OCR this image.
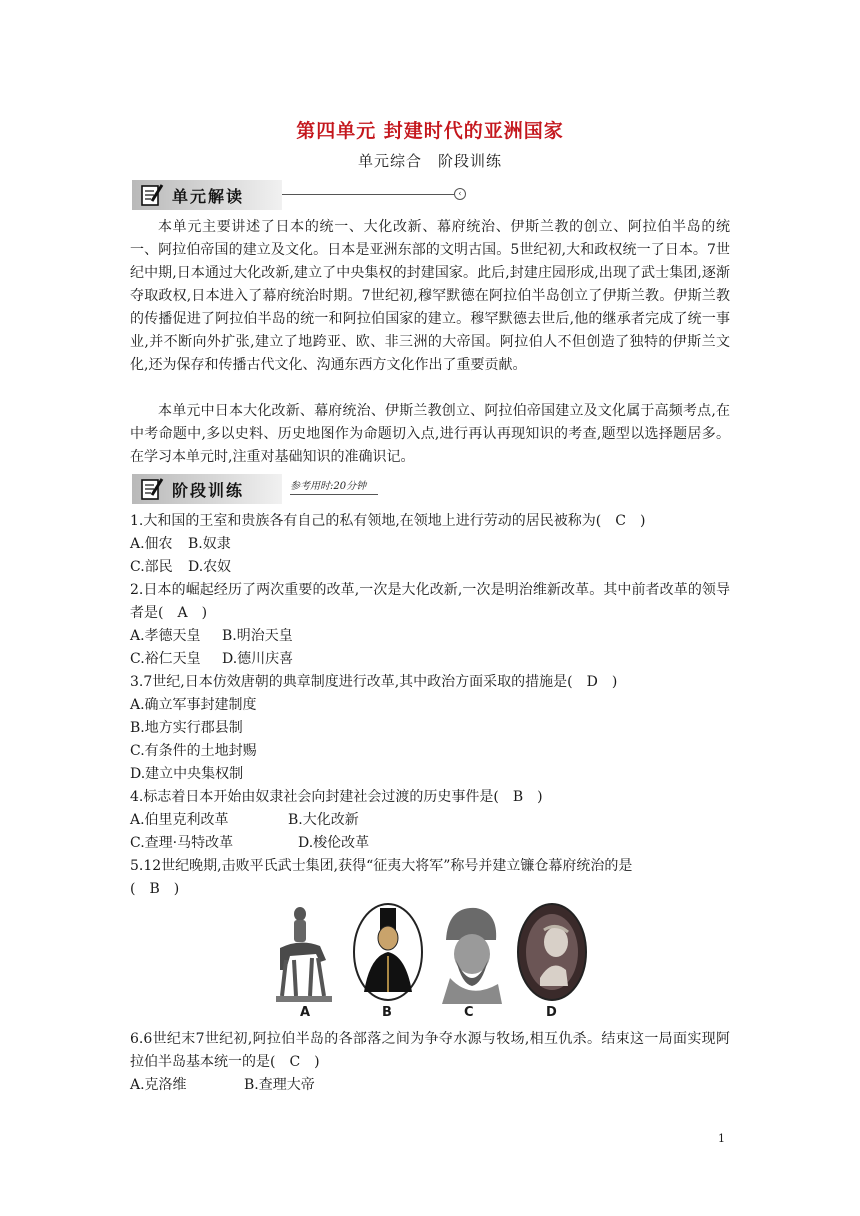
第四单元 封建时代的亚洲国家
单元综合　阶段训练
单元解读	‹

本单元主要讲述了日本的统一、大化改新、幕府统治、伊斯兰教的创立、阿拉伯半岛的统一、阿拉伯帝国的建立及文化。日本是亚洲东部的文明古国。5世纪初,大和政权统一了日本。7世纪中期,日本通过大化改新,建立了中央集权的封建国家。此后,封建庄园形成,出现了武士集团,逐渐夺取政权,日本进入了幕府统治时期。7世纪初,穆罕默德在阿拉伯半岛创立了伊斯兰教。伊斯兰教的传播促进了阿拉伯半岛的统一和阿拉伯国家的建立。穆罕默德去世后,他的继承者完成了统一事业,并不断向外扩张,建立了地跨亚、欧、非三洲的大帝国。阿拉伯人不但创造了独特的伊斯兰文化,还为保存和传播古代文化、沟通东西方文化作出了重要贡献。

本单元中日本大化改新、幕府统治、伊斯兰教创立、阿拉伯帝国建立及文化属于高频考点,在中考命题中,多以史料、历史地图作为命题切入点,进行再认再现知识的考查,题型以选择题居多。在学习本单元时,注重对基础知识的准确识记。

阶段训练	参考用时:20分钟

1.大和国的王室和贵族各有自己的私有领地,在领地上进行劳动的居民被称为(　C　)

A.佃农 B.奴隶
C.部民 D.农奴

2.日本的崛起经历了两次重要的改革,一次是大化改新,一次是明治维新改革。其中前者改革的领导者是(　A　)

A.孝德天皇 B.明治天皇
C.裕仁天皇 D.德川庆喜

3.7世纪,日本仿效唐朝的典章制度进行改革,其中政治方面采取的措施是(　D　)

A.确立军事封建制度
B.地方实行郡县制
C.有条件的土地封赐
D.建立中央集权制

4.标志着日本开始由奴隶社会向封建社会过渡的历史事件是(　B　)

A.伯里克利改革	B.大化改新
C.查理·马特改革	D.梭伦改革

5.12世纪晚期,击败平氏武士集团,获得“征夷大将军”称号并建立镰仓幕府统治的是

(　B　)
A	B	C	D

6.6世纪末7世纪初,阿拉伯半岛的各部落之间为争夺水源与牧场,相互仇杀。结束这一局面实现阿拉伯半岛基本统一的是(　C　)

A.克洛维	B.查理大帝
1
